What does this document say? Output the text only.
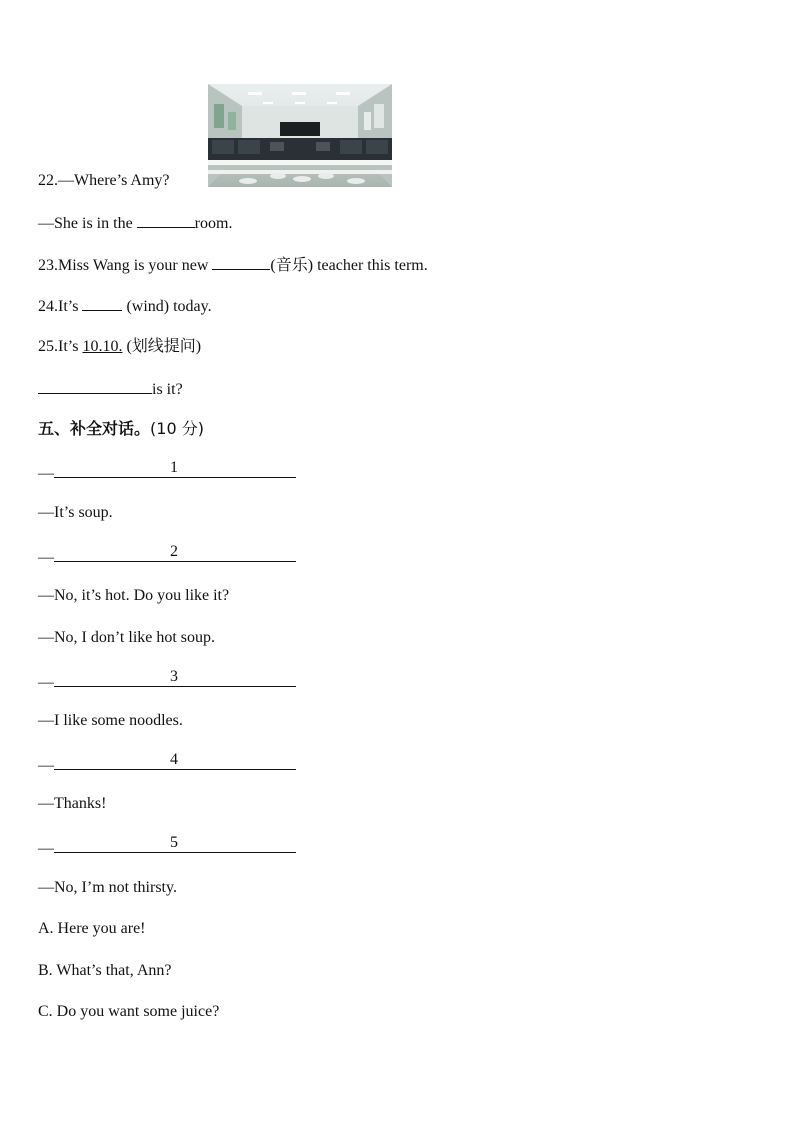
22.—Where’s Amy?
—She is in the	room.
23.Miss Wang is your new	(音乐) teacher this term.
24.It’s	(wind) today.
25.It’s 10.10. (划线提问)
is it?
五、补全对话。(10 分)
—	1
—It’s soup.
—	2
—No, it’s hot. Do you like it?
—No, I don’t like hot soup.
—	3
—I like some noodles.
—	4
—Thanks!
—	5
—No, I’m not thirsty.
A. Here you are!
B. What’s that, Ann?
C. Do you want some juice?
